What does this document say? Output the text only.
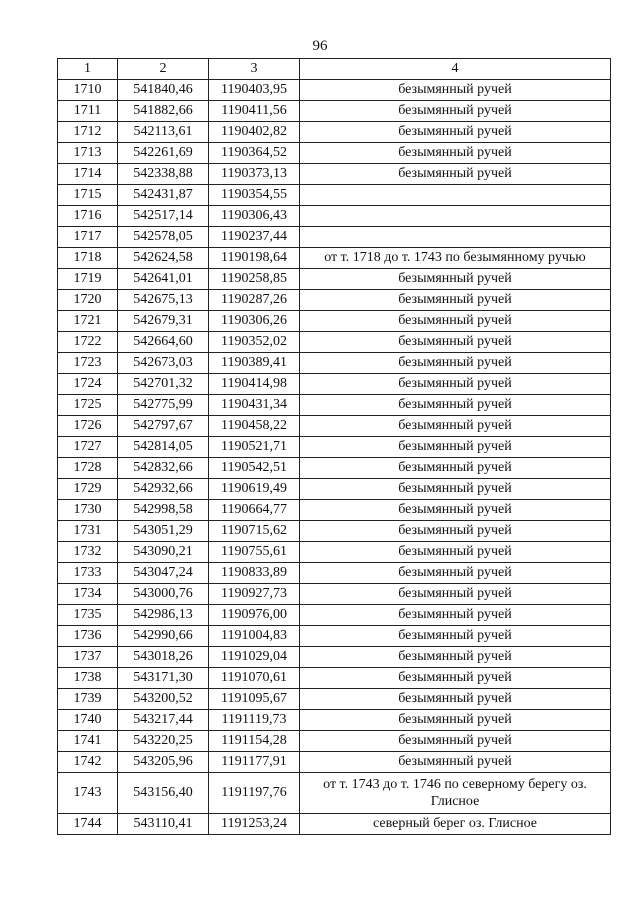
96
1	2	3	4
1710	541840,46	1190403,95	безымянный ручей
1711	541882,66	1190411,56	безымянный ручей
1712	542113,61	1190402,82	безымянный ручей
1713	542261,69	1190364,52	безымянный ручей
1714	542338,88	1190373,13	безымянный ручей
1715	542431,87	1190354,55	
1716	542517,14	1190306,43	
1717	542578,05	1190237,44	
1718	542624,58	1190198,64	от т. 1718 до т. 1743 по безымянному ручью
1719	542641,01	1190258,85	безымянный ручей
1720	542675,13	1190287,26	безымянный ручей
1721	542679,31	1190306,26	безымянный ручей
1722	542664,60	1190352,02	безымянный ручей
1723	542673,03	1190389,41	безымянный ручей
1724	542701,32	1190414,98	безымянный ручей
1725	542775,99	1190431,34	безымянный ручей
1726	542797,67	1190458,22	безымянный ручей
1727	542814,05	1190521,71	безымянный ручей
1728	542832,66	1190542,51	безымянный ручей
1729	542932,66	1190619,49	безымянный ручей
1730	542998,58	1190664,77	безымянный ручей
1731	543051,29	1190715,62	безымянный ручей
1732	543090,21	1190755,61	безымянный ручей
1733	543047,24	1190833,89	безымянный ручей
1734	543000,76	1190927,73	безымянный ручей
1735	542986,13	1190976,00	безымянный ручей
1736	542990,66	1191004,83	безымянный ручей
1737	543018,26	1191029,04	безымянный ручей
1738	543171,30	1191070,61	безымянный ручей
1739	543200,52	1191095,67	безымянный ручей
1740	543217,44	1191119,73	безымянный ручей
1741	543220,25	1191154,28	безымянный ручей
1742	543205,96	1191177,91	безымянный ручей
1743	543156,40	1191197,76	от т. 1743 до т. 1746 по северному берегу оз. Глисное
1744	543110,41	1191253,24	северный берег оз. Глисное
